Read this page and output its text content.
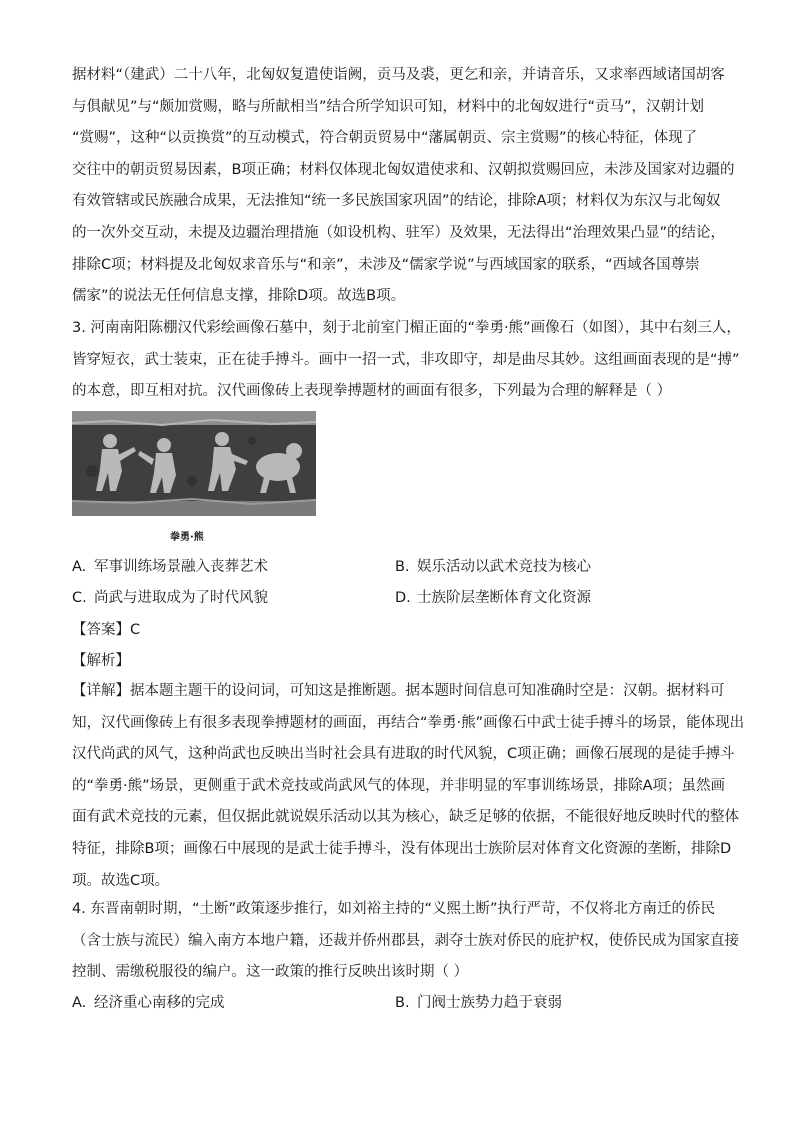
据材料“（建武）二十八年，北匈奴复遣使诣阙，贡马及裘，更乞和亲，并请音乐，又求率西域诸国胡客
与俱献见”与“颇加赏赐，略与所献相当”结合所学知识可知，材料中的北匈奴进行“贡马”，汉朝计划
“赏赐”，这种“以贡换赏”的互动模式，符合朝贡贸易中“藩属朝贡、宗主赏赐”的核心特征，体现了
交往中的朝贡贸易因素，B项正确；材料仅体现北匈奴遣使求和、汉朝拟赏赐回应，未涉及国家对边疆的
有效管辖或民族融合成果，无法推知“统一多民族国家巩固”的结论，排除A项；材料仅为东汉与北匈奴
的一次外交互动，未提及边疆治理措施（如设机构、驻军）及效果，无法得出“治理效果凸显”的结论，
排除C项；材料提及北匈奴求音乐与“和亲”，未涉及“儒家学说”与西域国家的联系，“西域各国尊崇
儒家”的说法无任何信息支撑，排除D项。故选B项。
3. 河南南阳陈棚汉代彩绘画像石墓中，刻于北前室门楣正面的“拳勇·熊”画像石（如图），其中右刻三人，
皆穿短衣，武士装束，正在徒手搏斗。画中一招一式，非攻即守，却是曲尽其妙。这组画面表现的是“搏”
的本意，即互相对抗。汉代画像砖上表现拳搏题材的画面有很多，下列最为合理的解释是（ ）
拳勇·熊
A. 军事训练场景融入丧葬艺术	B. 娱乐活动以武术竞技为核心
C. 尚武与进取成为了时代风貌	D. 士族阶层垄断体育文化资源
【答案】C
【解析】
【详解】据本题主题干的设问词，可知这是推断题。据本题时间信息可知准确时空是：汉朝。据材料可
知，汉代画像砖上有很多表现拳搏题材的画面，再结合“拳勇·熊”画像石中武士徒手搏斗的场景，能体现出
汉代尚武的风气，这种尚武也反映出当时社会具有进取的时代风貌，C项正确；画像石展现的是徒手搏斗
的“拳勇·熊”场景，更侧重于武术竞技或尚武风气的体现，并非明显的军事训练场景，排除A项；虽然画
面有武术竞技的元素，但仅据此就说娱乐活动以其为核心，缺乏足够的依据，不能很好地反映时代的整体
特征，排除B项；画像石中展现的是武士徒手搏斗，没有体现出士族阶层对体育文化资源的垄断，排除D
项。故选C项。
4. 东晋南朝时期，“土断”政策逐步推行，如刘裕主持的“义熙土断”执行严苛，不仅将北方南迁的侨民
（含士族与流民）编入南方本地户籍，还裁并侨州郡县，剥夺士族对侨民的庇护权，使侨民成为国家直接
控制、需缴税服役的编户。这一政策的推行反映出该时期（ ）
A. 经济重心南移的完成	B. 门阀士族势力趋于衰弱
